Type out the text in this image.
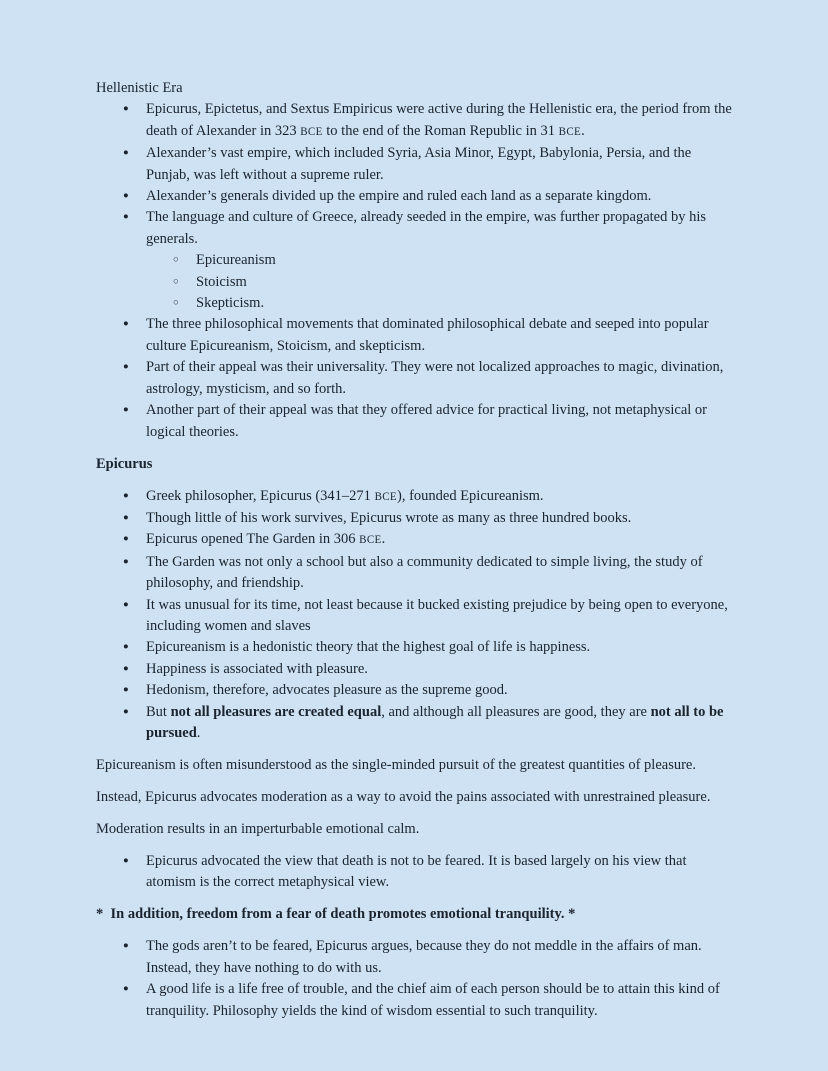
Hellenistic Era

● Epicurus, Epictetus, and Sextus Empiricus were active during the Hellenistic era, the period from the death of Alexander in 323 BCE to the end of the Roman Republic in 31 BCE.
● Alexander’s vast empire, which included Syria, Asia Minor, Egypt, Babylonia, Persia, and the Punjab, was left without a supreme ruler.
● Alexander’s generals divided up the empire and ruled each land as a separate kingdom.
● The language and culture of Greece, already seeded in the empire, was further propagated by his generals.
○ Epicureanism
○ Stoicism
○ Skepticism.
● The three philosophical movements that dominated philosophical debate and seeped into popular culture Epicureanism, Stoicism, and skepticism.
● Part of their appeal was their universality. They were not localized approaches to magic, divination, astrology, mysticism, and so forth.
● Another part of their appeal was that they offered advice for practical living, not metaphysical or logical theories.

Epicurus

● Greek philosopher, Epicurus (341–271 BCE), founded Epicureanism.
● Though little of his work survives, Epicurus wrote as many as three hundred books.
● Epicurus opened The Garden in 306 BCE.
● The Garden was not only a school but also a community dedicated to simple living, the study of philosophy, and friendship.
● It was unusual for its time, not least because it bucked existing prejudice by being open to everyone, including women and slaves
● Epicureanism is a hedonistic theory that the highest goal of life is happiness.
● Happiness is associated with pleasure.
● Hedonism, therefore, advocates pleasure as the supreme good.
● But not all pleasures are created equal, and although all pleasures are good, they are not all to be pursued.

Epicureanism is often misunderstood as the single-minded pursuit of the greatest quantities of pleasure.

Instead, Epicurus advocates moderation as a way to avoid the pains associated with unrestrained pleasure.

Moderation results in an imperturbable emotional calm.

● Epicurus advocated the view that death is not to be feared. It is based largely on his view that atomism is the correct metaphysical view.

*  In addition, freedom from a fear of death promotes emotional tranquility. *

● The gods aren’t to be feared, Epicurus argues, because they do not meddle in the affairs of man. Instead, they have nothing to do with us.
● A good life is a life free of trouble, and the chief aim of each person should be to attain this kind of tranquility. Philosophy yields the kind of wisdom essential to such tranquility.
